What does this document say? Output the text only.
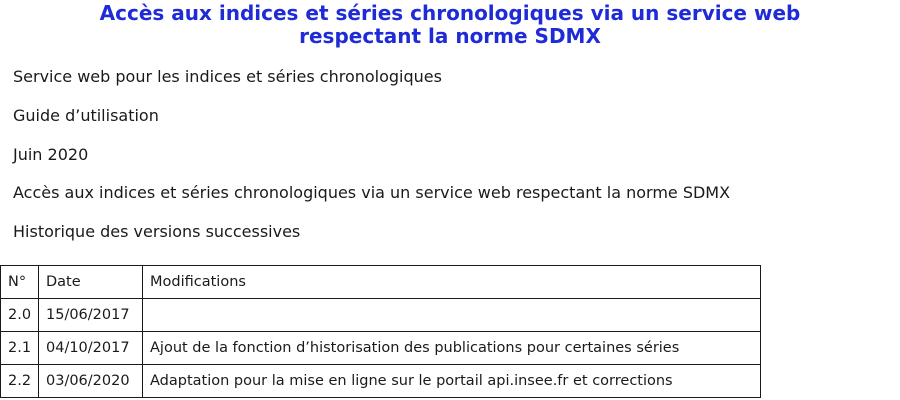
Accès aux indices et séries chronologiques via un service web
respectant la norme SDMX
Service web pour les indices et séries chronologiques
Guide d’utilisation
Juin 2020
Accès aux indices et séries chronologiques via un service web respectant la norme SDMX
Historique des versions successives
N°	Date	Modifications
2.0	15/06/2017	
2.1	04/10/2017	Ajout de la fonction d’historisation des publications pour certaines séries
2.2	03/06/2020	Adaptation pour la mise en ligne sur le portail api.insee.fr et corrections
